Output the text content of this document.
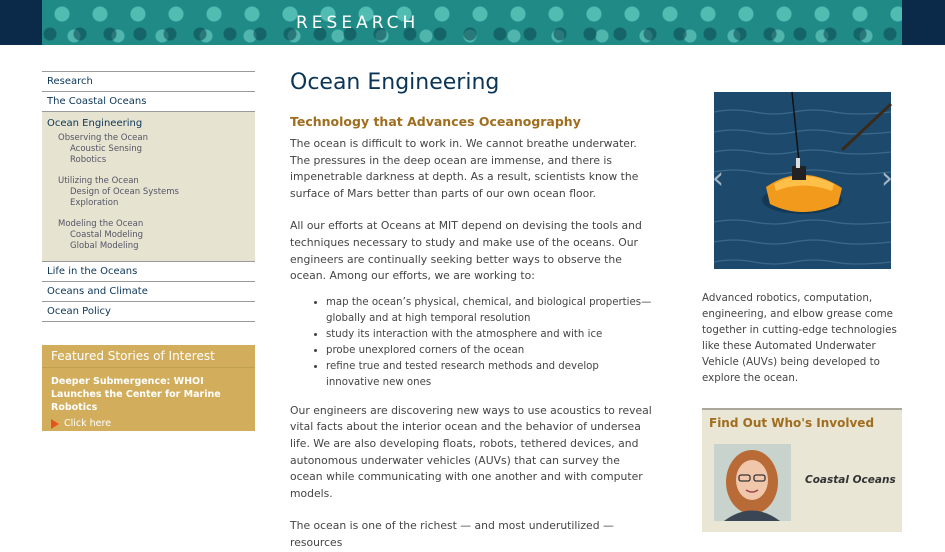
RESEARCH
Research
The Coastal Oceans
Ocean Engineering
Observing the Ocean
Acoustic Sensing
Robotics
Utilizing the Ocean
Design of Ocean Systems
Exploration
Modeling the Ocean
Coastal Modeling
Global Modeling
Life in the Oceans
Oceans and Climate
Ocean Policy
Featured Stories of Interest
Deeper Submergence: WHOI Launches the Center for Marine Robotics
Click here
Ocean Engineering
Technology that Advances Oceanography

The ocean is difficult to work in. We cannot breathe underwater. The pressures in the deep ocean are immense, and there is impenetrable darkness at depth. As a result, scientists know the surface of Mars better than parts of our own ocean floor.

All our efforts at Oceans at MIT depend on devising the tools and techniques necessary to study and make use of the oceans. Our engineers are continually seeking better ways to observe the ocean. Among our efforts, we are working to:

• map the ocean’s physical, chemical, and biological properties— globally and at high temporal resolution
• study its interaction with the atmosphere and with ice
• probe unexplored corners of the ocean
• refine true and tested research methods and develop innovative new ones

Our engineers are discovering new ways to use acoustics to reveal vital facts about the interior ocean and the behavior of undersea life. We are also developing floats, robots, tethered devices, and autonomous underwater vehicles (AUVs) that can survey the ocean while communicating with one another and with computer models.

The ocean is one of the richest — and most underutilized — resources

‹	›
Advanced robotics, computation, engineering, and elbow grease come together in cutting-edge technologies like these Automated Underwater Vehicle (AUVs) being developed to explore the ocean.
Find Out Who's Involved
Coastal Oceans
